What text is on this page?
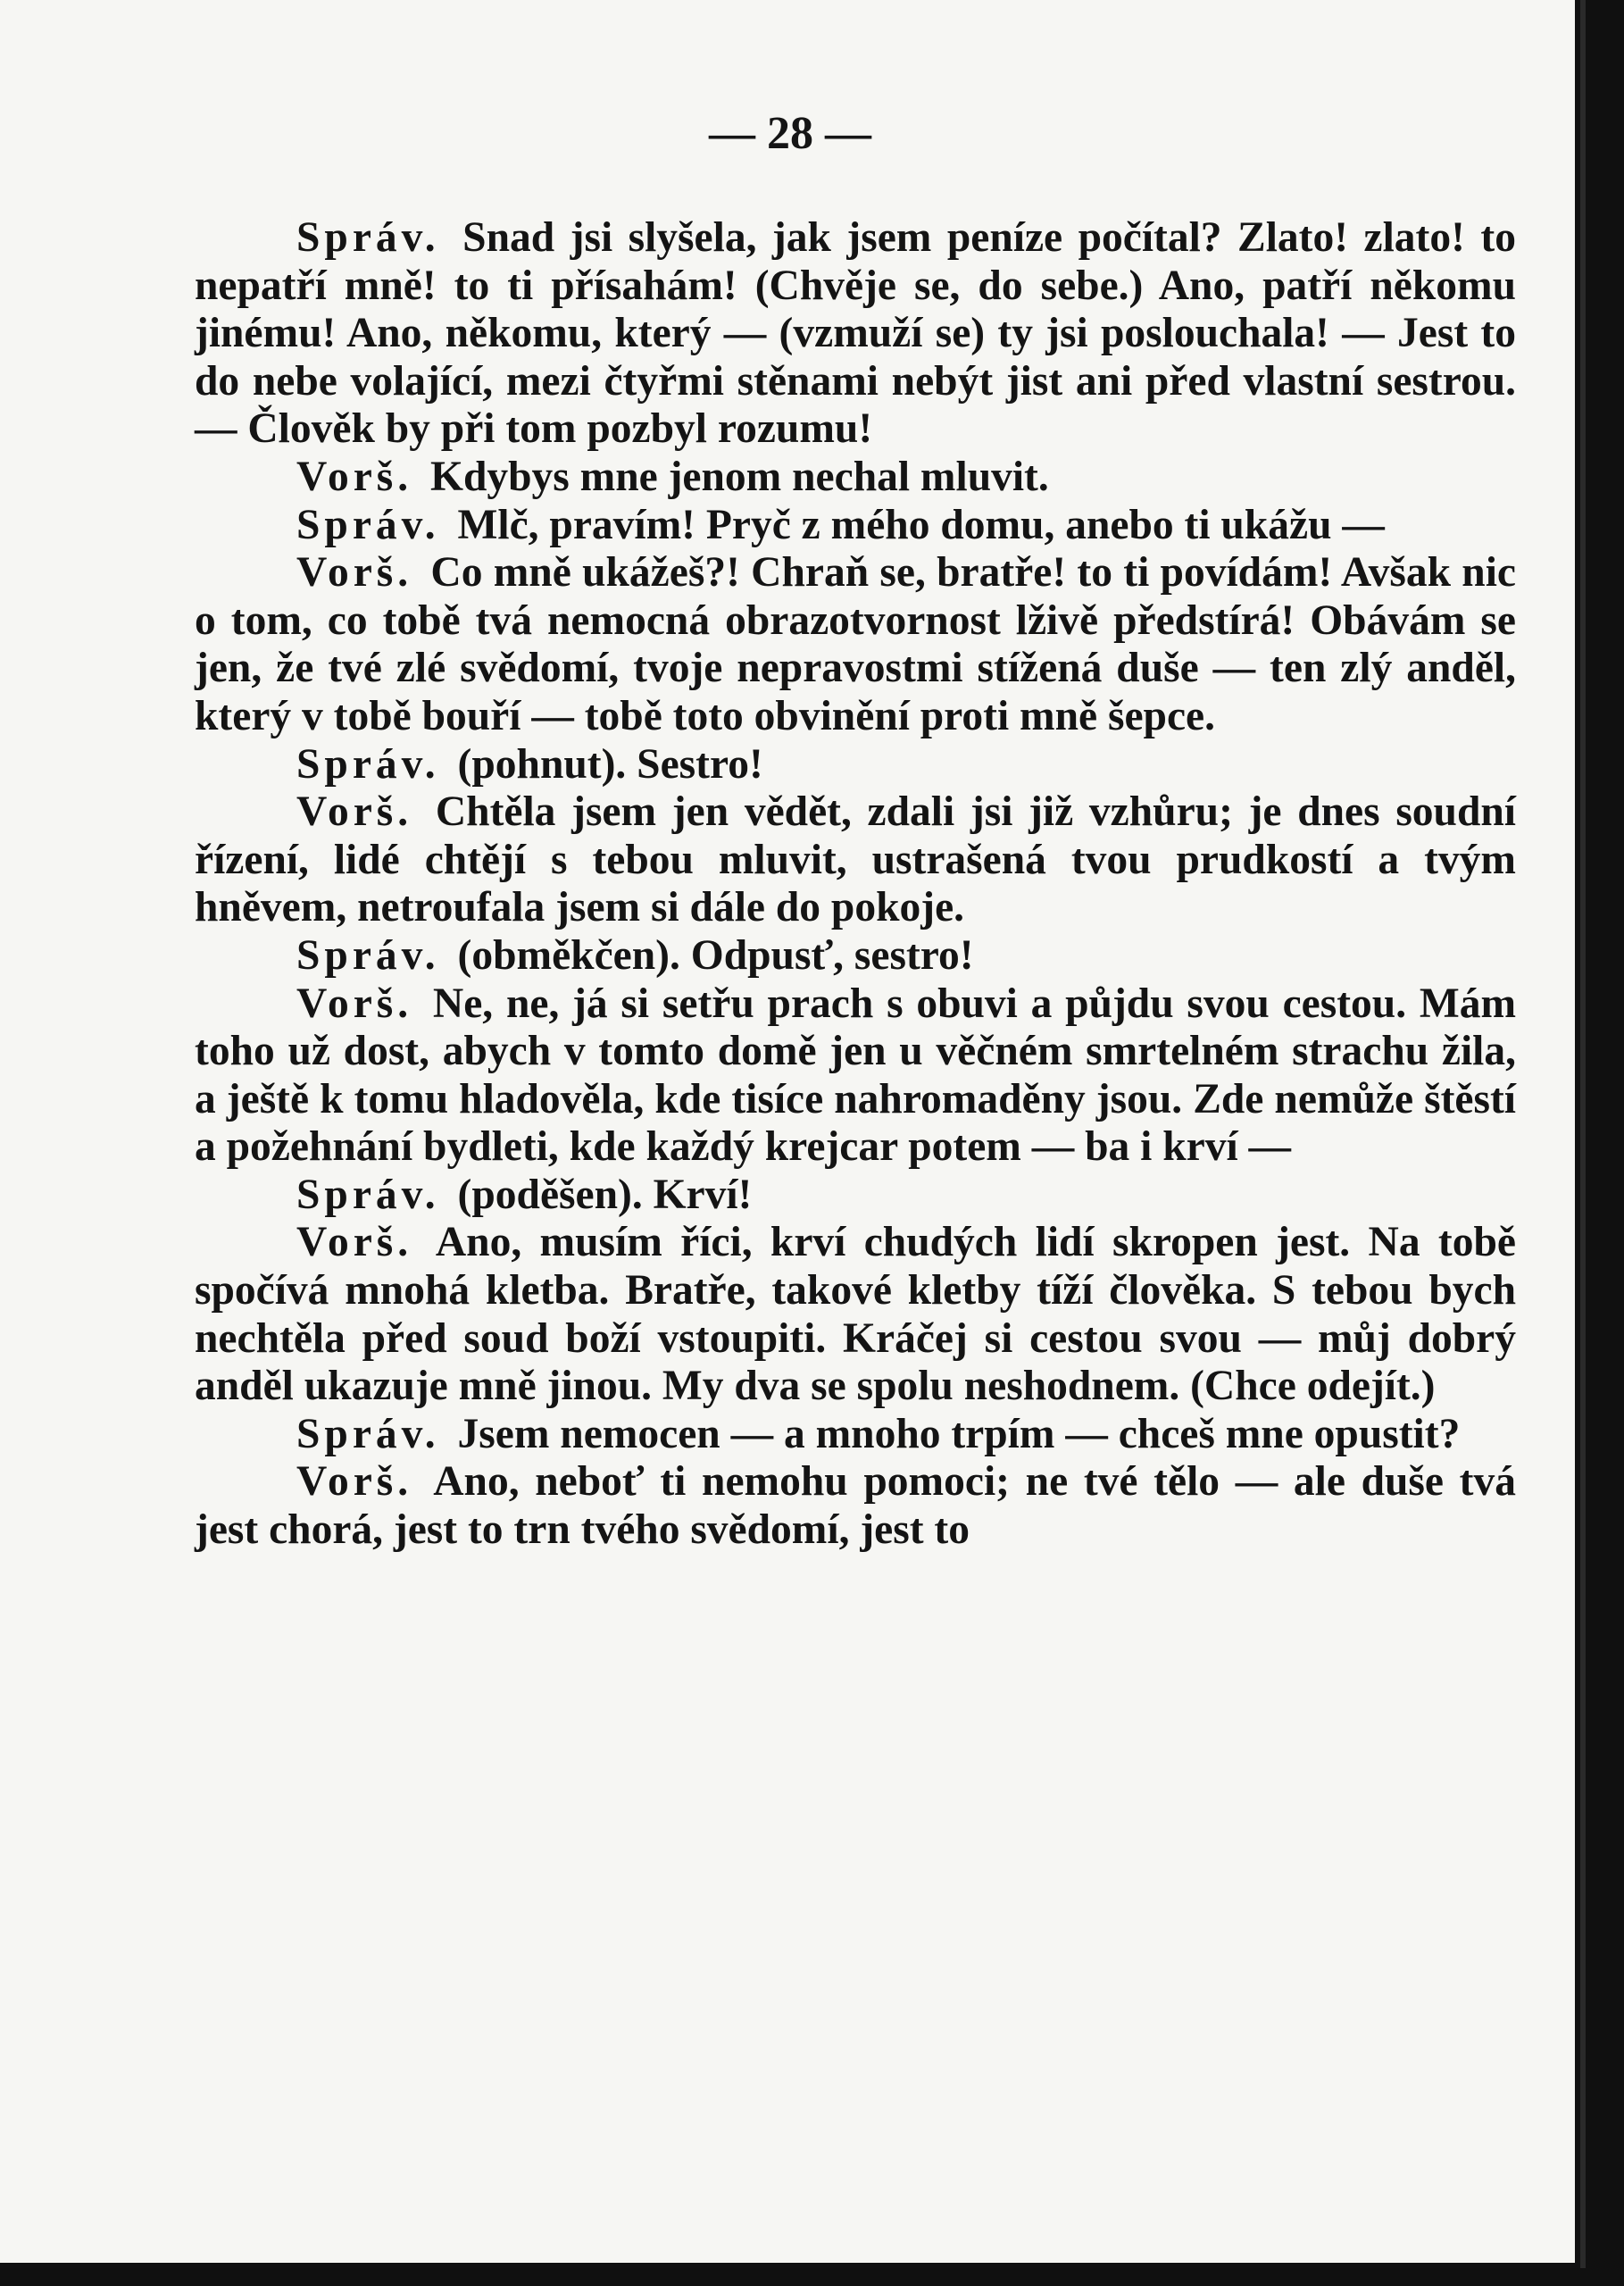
— 28 —

Správ. Snad jsi slyšela, jak jsem peníze počítal? Zlato! zlato! to nepatří mně! to ti přísahám! (Chvěje se, do sebe.) Ano, patří někomu jinému! Ano, někomu, který — (vzmuží se) ty jsi poslouchala! — Jest to do nebe volající, mezi čtyřmi stěnami nebýt jist ani před vlastní sestrou. — Člověk by při tom pozbyl rozumu!

Vorš. Kdybys mne jenom nechal mluvit.

Správ. Mlč, pravím! Pryč z mého domu, anebo ti ukážu —

Vorš. Co mně ukážeš?! Chraň se, bratře! to ti povídám! Avšak nic o tom, co tobě tvá nemocná obrazotvornost lživě předstírá! Obávám se jen, že tvé zlé svědomí, tvoje nepravostmi stížená duše — ten zlý anděl, který v tobě bouří — tobě toto obvinění proti mně šepce.

Správ. (pohnut). Sestro!

Vorš. Chtěla jsem jen vědět, zdali jsi již vzhůru; je dnes soudní řízení, lidé chtějí s tebou mluvit, ustrašená tvou prudkostí a tvým hněvem, netroufala jsem si dále do pokoje.

Správ. (obměkčen). Odpusť, sestro!

Vorš. Ne, ne, já si setřu prach s obuvi a půjdu svou cestou. Mám toho už dost, abych v tomto domě jen u věčném smrtelném strachu žila, a ještě k tomu hladověla, kde tisíce nahromaděny jsou. Zde nemůže štěstí a požehnání bydleti, kde každý krejcar potem — ba i krví —

Správ. (poděšen). Krví!

Vorš. Ano, musím říci, krví chudých lidí skropen jest. Na tobě spočívá mnohá kletba. Bratře, takové kletby tíží člověka. S tebou bych nechtěla před soud boží vstoupiti. Kráčej si cestou svou — můj dobrý anděl ukazuje mně jinou. My dva se spolu neshodnem. (Chce odejít.)

Správ. Jsem nemocen — a mnoho trpím — chceš mne opustit?

Vorš. Ano, neboť ti nemohu pomoci; ne tvé tělo — ale duše tvá jest chorá, jest to trn tvého svědomí, jest to
